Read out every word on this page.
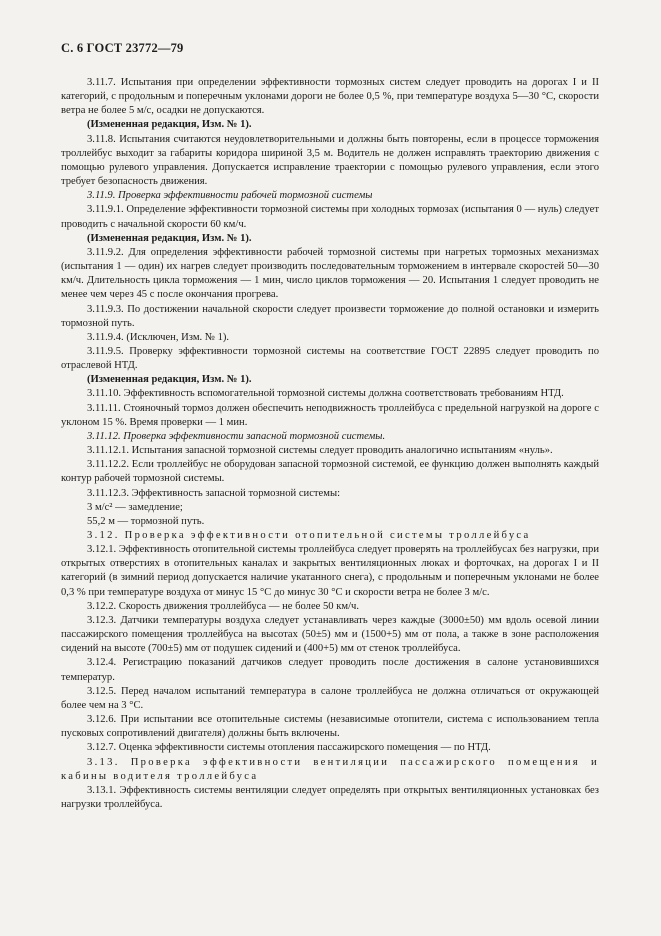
С. 6 ГОСТ 23772—79

3.11.7. Испытания при определении эффективности тормозных систем следует проводить на дорогах I и II категорий, с продольным и поперечным уклонами дороги не более 0,5 %, при температуре воздуха 5—30 °С, скорости ветра не более 5 м/с, осадки не допускаются.

(Измененная редакция, Изм. № 1).

3.11.8. Испытания считаются неудовлетворительными и должны быть повторены, если в процессе торможения троллейбус выходит за габариты коридора шириной 3,5 м. Водитель не должен исправлять траекторию движения с помощью рулевого управления. Допускается исправление траектории с помощью рулевого управления, если этого требует безопасность движения.

3.11.9. Проверка эффективности рабочей тормозной системы

3.11.9.1. Определение эффективности тормозной системы при холодных тормозах (испытания 0 — нуль) следует проводить с начальной скорости 60 км/ч.

(Измененная редакция, Изм. № 1).

3.11.9.2. Для определения эффективности рабочей тормозной системы при нагретых тормозных механизмах (испытания 1 — один) их нагрев следует производить последовательным торможением в интервале скоростей 50—30 км/ч. Длительность цикла торможения — 1 мин, число циклов торможения — 20. Испытания 1 следует проводить не менее чем через 45 с после окончания прогрева.

3.11.9.3. По достижении начальной скорости следует произвести торможение до полной остановки и измерить тормозной путь.

3.11.9.4. (Исключен, Изм. № 1).

3.11.9.5. Проверку эффективности тормозной системы на соответствие ГОСТ 22895 следует проводить по отраслевой НТД.

(Измененная редакция, Изм. № 1).

3.11.10. Эффективность вспомогательной тормозной системы должна соответствовать требованиям НТД.

3.11.11. Стояночный тормоз должен обеспечить неподвижность троллейбуса с предельной нагрузкой на дороге с уклоном 15 %. Время проверки — 1 мин.

3.11.12. Проверка эффективности запасной тормозной системы.

3.11.12.1. Испытания запасной тормозной системы следует проводить аналогично испытаниям «нуль».

3.11.12.2. Если троллейбус не оборудован запасной тормозной системой, ее функцию должен выполнять каждый контур рабочей тормозной системы.

3.11.12.3. Эффективность запасной тормозной системы:

3 м/с² — замедление;

55,2 м — тормозной путь.

3.12. Проверка эффективности отопительной системы троллейбуса

3.12.1. Эффективность отопительной системы троллейбуса следует проверять на троллейбусах без нагрузки, при открытых отверстиях в отопительных каналах и закрытых вентиляционных люках и форточках, на дорогах I и II категорий (в зимний период допускается наличие укатанного снега), с продольным и поперечным уклонами не более 0,3 % при температуре воздуха от минус 15 °С до минус 30 °С и скорости ветра не более 3 м/с.

3.12.2. Скорость движения троллейбуса — не более 50 км/ч.

3.12.3. Датчики температуры воздуха следует устанавливать через каждые (3000±50) мм вдоль осевой линии пассажирского помещения троллейбуса на высотах (50±5) мм и (1500+5) мм от пола, а также в зоне расположения сидений на высоте (700±5) мм от подушек сидений и (400+5) мм от стенок троллейбуса.

3.12.4. Регистрацию показаний датчиков следует проводить после достижения в салоне установившихся температур.

3.12.5. Перед началом испытаний температура в салоне троллейбуса не должна отличаться от окружающей более чем на 3 °С.

3.12.6. При испытании все отопительные системы (независимые отопители, система с использованием тепла пусковых сопротивлений двигателя) должны быть включены.

3.12.7. Оценка эффективности системы отопления пассажирского помещения — по НТД.

3.13. Проверка эффективности вентиляции пассажирского помещения и кабины водителя троллейбуса

3.13.1. Эффективность системы вентиляции следует определять при открытых вентиляционных установках без нагрузки троллейбуса.
